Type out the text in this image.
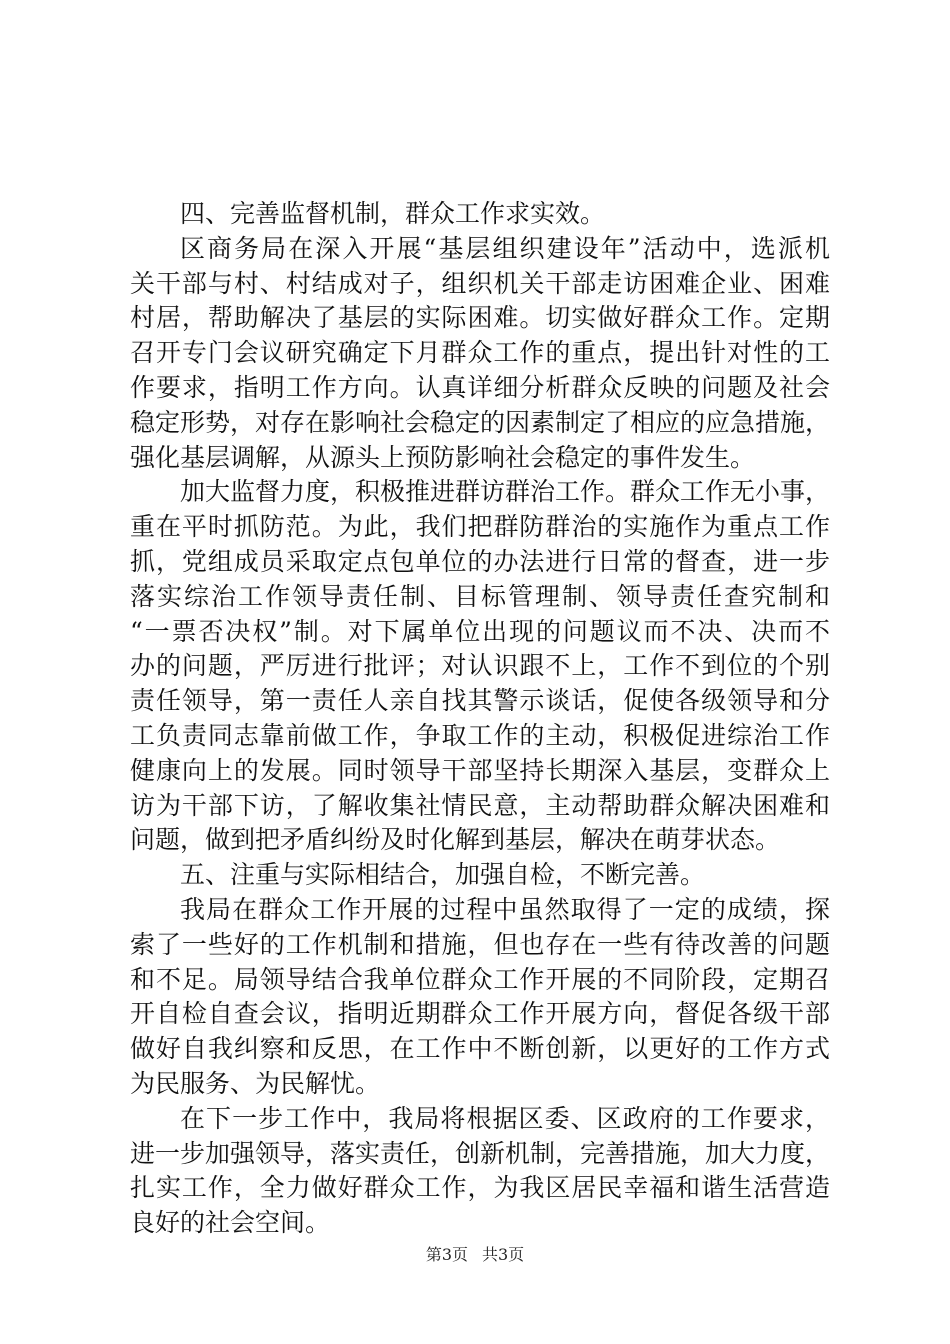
四、完善监督机制，群众工作求实效。
区商务局在深入开展“基层组织建设年”活动中，选派机
关干部与村、村结成对子，组织机关干部走访困难企业、困难
村居，帮助解决了基层的实际困难。切实做好群众工作。定期
召开专门会议研究确定下月群众工作的重点，提出针对性的工
作要求，指明工作方向。认真详细分析群众反映的问题及社会
稳定形势，对存在影响社会稳定的因素制定了相应的应急措施，
强化基层调解，从源头上预防影响社会稳定的事件发生。
加大监督力度，积极推进群访群治工作。群众工作无小事，
重在平时抓防范。为此，我们把群防群治的实施作为重点工作
抓，党组成员采取定点包单位的办法进行日常的督查，进一步
落实综治工作领导责任制、目标管理制、领导责任查究制和
“一票否决权”制。对下属单位出现的问题议而不决、决而不
办的问题，严厉进行批评；对认识跟不上，工作不到位的个别
责任领导，第一责任人亲自找其警示谈话，促使各级领导和分
工负责同志靠前做工作，争取工作的主动，积极促进综治工作
健康向上的发展。同时领导干部坚持长期深入基层，变群众上
访为干部下访，了解收集社情民意，主动帮助群众解决困难和
问题，做到把矛盾纠纷及时化解到基层，解决在萌芽状态。
五、注重与实际相结合，加强自检，不断完善。
我局在群众工作开展的过程中虽然取得了一定的成绩，探
索了一些好的工作机制和措施，但也存在一些有待改善的问题
和不足。局领导结合我单位群众工作开展的不同阶段，定期召
开自检自查会议，指明近期群众工作开展方向，督促各级干部
做好自我纠察和反思，在工作中不断创新，以更好的工作方式
为民服务、为民解忧。
在下一步工作中，我局将根据区委、区政府的工作要求，
进一步加强领导，落实责任，创新机制，完善措施，加大力度，
扎实工作，全力做好群众工作，为我区居民幸福和谐生活营造
良好的社会空间。
第3页 共3页
